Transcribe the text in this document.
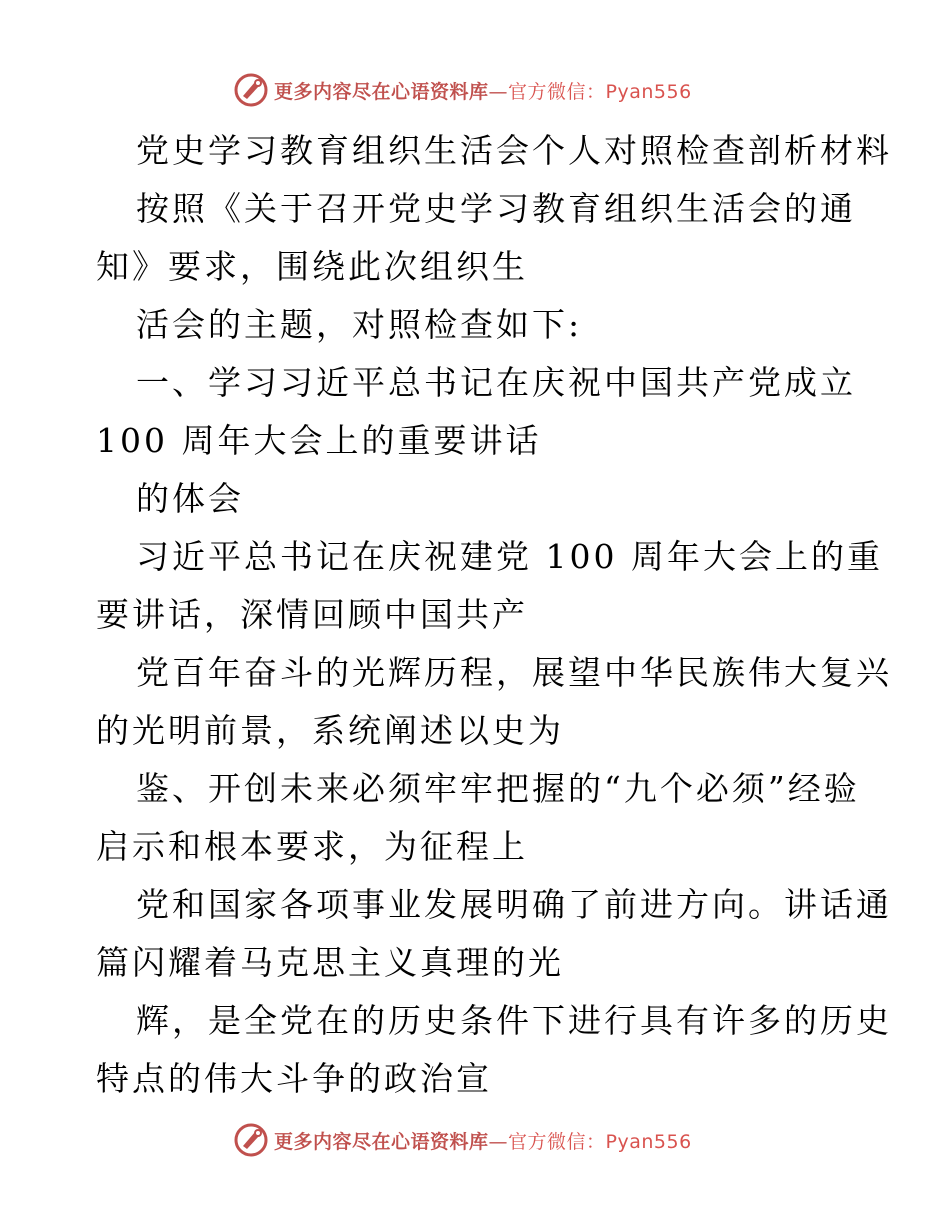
更多内容尽在心语资料库—官方微信：Pyan556
党史学习教育组织生活会个人对照检查剖析材料
按照《关于召开党史学习教育组织生活会的通
知》要求，围绕此次组织生
活会的主题，对照检查如下:
一、学习习近平总书记在庆祝中国共产党成立
100 周年大会上的重要讲话
的体会
习近平总书记在庆祝建党 100 周年大会上的重
要讲话，深情回顾中国共产
党百年奋斗的光辉历程，展望中华民族伟大复兴
的光明前景，系统阐述以史为
鉴、开创未来必须牢牢把握的“九个必须”经验
启示和根本要求，为征程上
党和国家各项事业发展明确了前进方向。讲话通
篇闪耀着马克思主义真理的光
辉，是全党在的历史条件下进行具有许多的历史
特点的伟大斗争的政治宣
更多内容尽在心语资料库—官方微信：Pyan556
